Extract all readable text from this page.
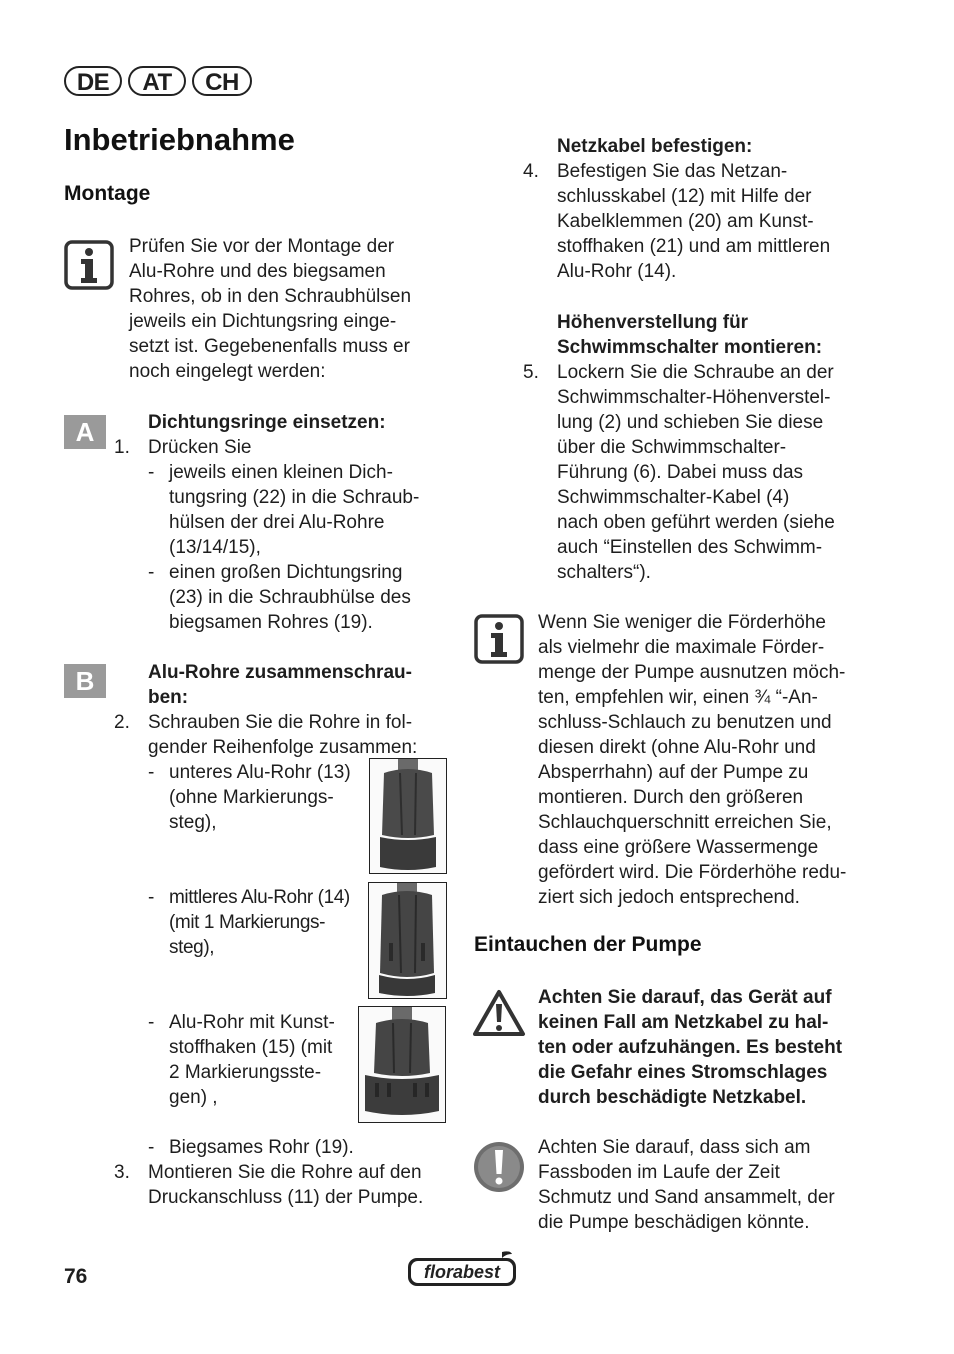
DE	AT	CH
Inbetriebnahme
Montage
Prüfen Sie vor der Montage der
Alu-Rohre und des biegsamen
Rohres, ob in den Schraubhülsen
jeweils ein Dichtungsring einge-
setzt ist. Gegebenenfalls muss er
noch eingelegt werden:
A	Dichtungsringe einsetzen:
1. Drücken Sie
- jeweils einen kleinen Dich-
tungsring (22) in die Schraub-
hülsen der drei Alu-Rohre
(13/14/15),
- einen großen Dichtungsring
(23) in die Schraubhülse des
biegsamen Rohres (19).
B	Alu-Rohre zusammenschrau-
ben:
2. Schrauben Sie die Rohre in fol-
gender Reihenfolge zusammen:
- unteres Alu-Rohr (13)
(ohne Markierungs-
steg),
- mittleres Alu-Rohr (14)
(mit 1 Markierungs-
steg),
- Alu-Rohr mit Kunst-
stoffhaken (15) (mit
2 Markierungsste-
gen) ,
- Biegsames Rohr (19).
3. Montieren Sie die Rohre auf den
Druckanschluss (11) der Pumpe.
Netzkabel befestigen:
4. Befestigen Sie das Netzan-
schlusskabel (12) mit Hilfe der
Kabelklemmen (20) am Kunst-
stoffhaken (21) und am mittleren
Alu-Rohr (14).
Höhenverstellung für
Schwimmschalter montieren:
5. Lockern Sie die Schraube an der
Schwimmschalter-Höhenverstel-
lung (2) und schieben Sie diese
über die Schwimmschalter-
Führung (6). Dabei muss das
Schwimmschalter-Kabel (4)
nach oben geführt werden (siehe
auch “Einstellen des Schwimm-
schalters“).
Wenn Sie weniger die Förderhöhe
als vielmehr die maximale Förder-
menge der Pumpe ausnutzen möch-
ten, empfehlen wir, einen ¾ “-An-
schluss-Schlauch zu benutzen und
diesen direkt (ohne Alu-Rohr und
Absperrhahn) auf der Pumpe zu
montieren. Durch den größeren
Schlauchquerschnitt erreichen Sie,
dass eine größere Wassermenge
gefördert wird. Die Förderhöhe redu-
ziert sich jedoch entsprechend.
Eintauchen der Pumpe
Achten Sie darauf, das Gerät auf
keinen Fall am Netzkabel zu hal-
ten oder aufzuhängen. Es besteht
die Gefahr eines Stromschlages
durch beschädigte Netzkabel.
Achten Sie darauf, dass sich am
Fassboden im Laufe der Zeit
Schmutz und Sand ansammelt, der
die Pumpe beschädigen könnte.
76	florabest
